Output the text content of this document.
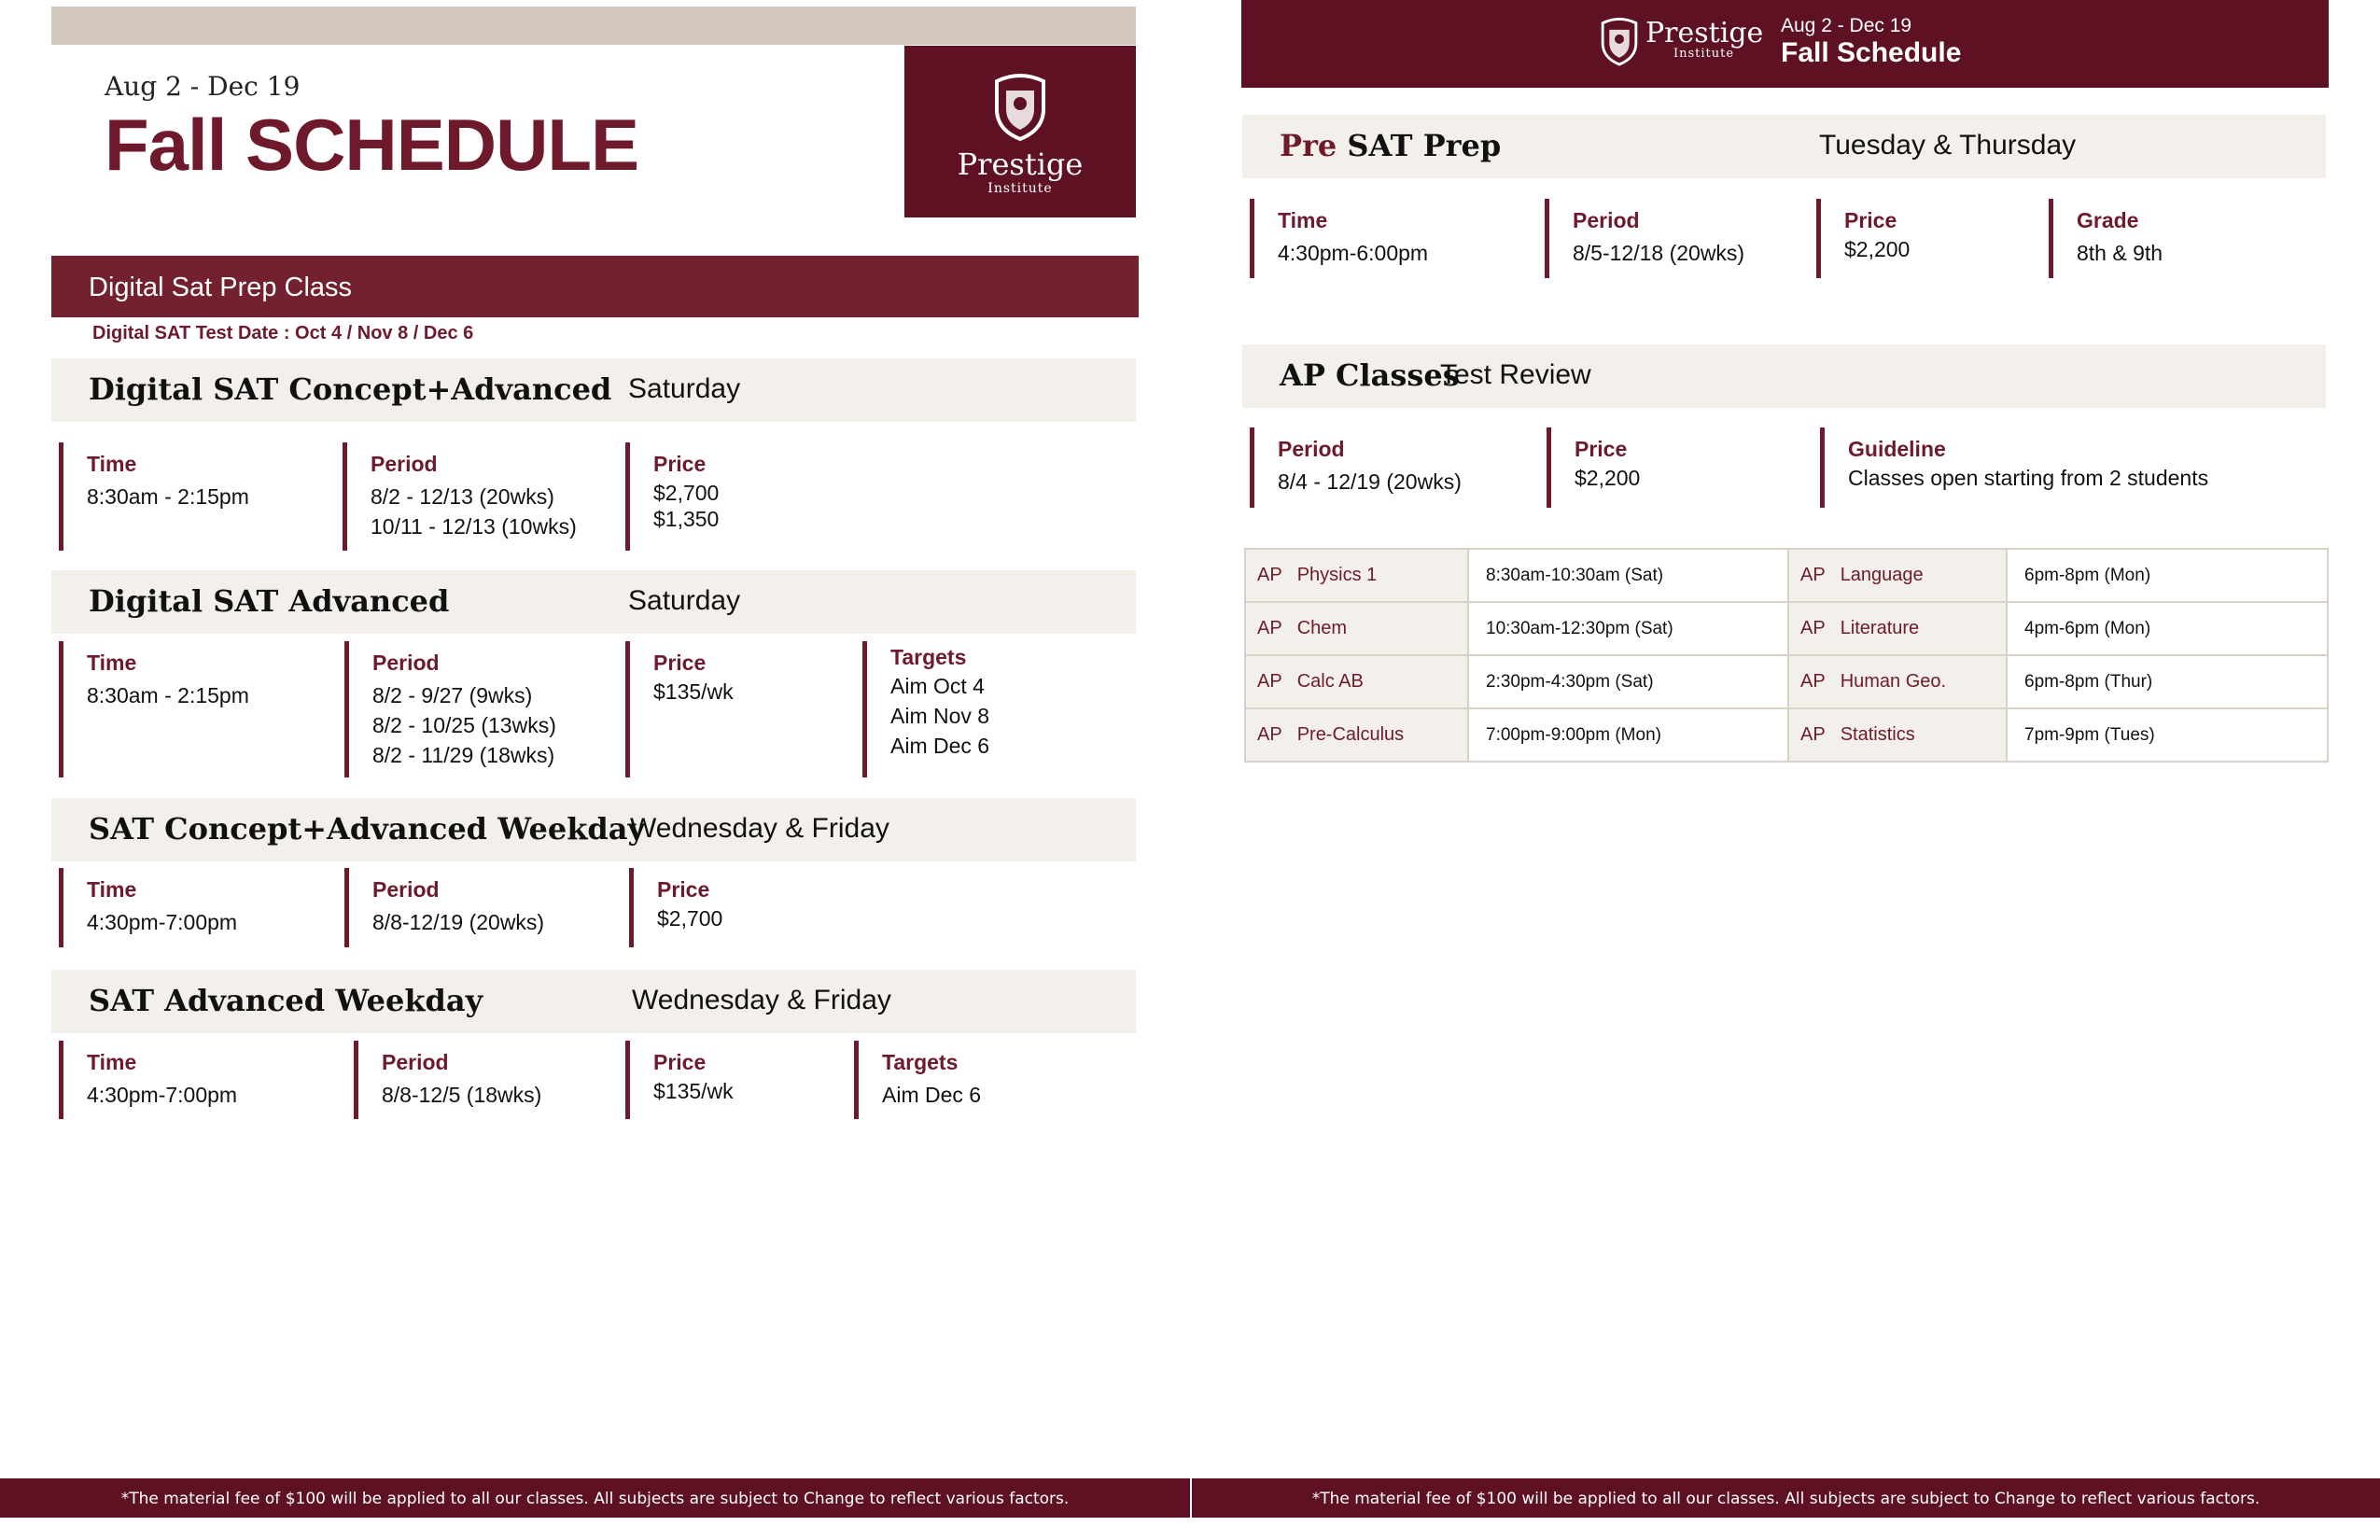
Aug 2 - Dec 19
Fall SCHEDULE	Prestige
Institute
Digital Sat Prep Class
Digital SAT Test Date : Oct 4 / Nov 8 / Dec 6
Digital SAT Concept+Advanced Saturday
Time
8:30am - 2:15pm
Period
8/2 - 12/13 (20wks)
10/11 - 12/13 (10wks)
Price
$2,700
$1,350
Digital SAT Advanced	Saturday
Time
8:30am - 2:15pm
Period
8/2 - 9/27 (9wks)
8/2 - 10/25 (13wks)
8/2 - 11/29 (18wks)
Price
$135/wk
Targets
Aim Oct 4
Aim Nov 8
Aim Dec 6
SAT Concept+Advanced Weekday
Wednesday & Friday
Time
4:30pm-7:00pm
Period
8/8-12/19 (20wks)
Price
$2,700
SAT Advanced Weekday	Wednesday & Friday
Time
4:30pm-7:00pm
Period
8/8-12/5 (18wks)
Price
$135/wk
Targets
Aim Dec 6
*The material fee of $100 will be applied to all our classes. All subjects are subject to Change to reflect various factors.
Prestige
Institute
Aug 2 - Dec 19
Fall Schedule
Pre SAT Prep	Tuesday & Thursday
Time
4:30pm-6:00pm
Period
8/5-12/18 (20wks)
Price
$2,200
Grade
8th & 9th
AP Classes
Test Review
Period
8/4 - 12/19 (20wks)
Price
$2,200
Guideline
Classes open starting from 2 students
AP Physics 1	8:30am-10:30am (Sat)	AP Language	6pm-8pm (Mon)
AP Chem	10:30am-12:30pm (Sat)	AP Literature	4pm-6pm (Mon)
AP Calc AB	2:30pm-4:30pm (Sat)	AP Human Geo.	6pm-8pm (Thur)
AP Pre-Calculus	7:00pm-9:00pm (Mon)	AP Statistics	7pm-9pm (Tues)
*The material fee of $100 will be applied to all our classes. All subjects are subject to Change to reflect various factors.
